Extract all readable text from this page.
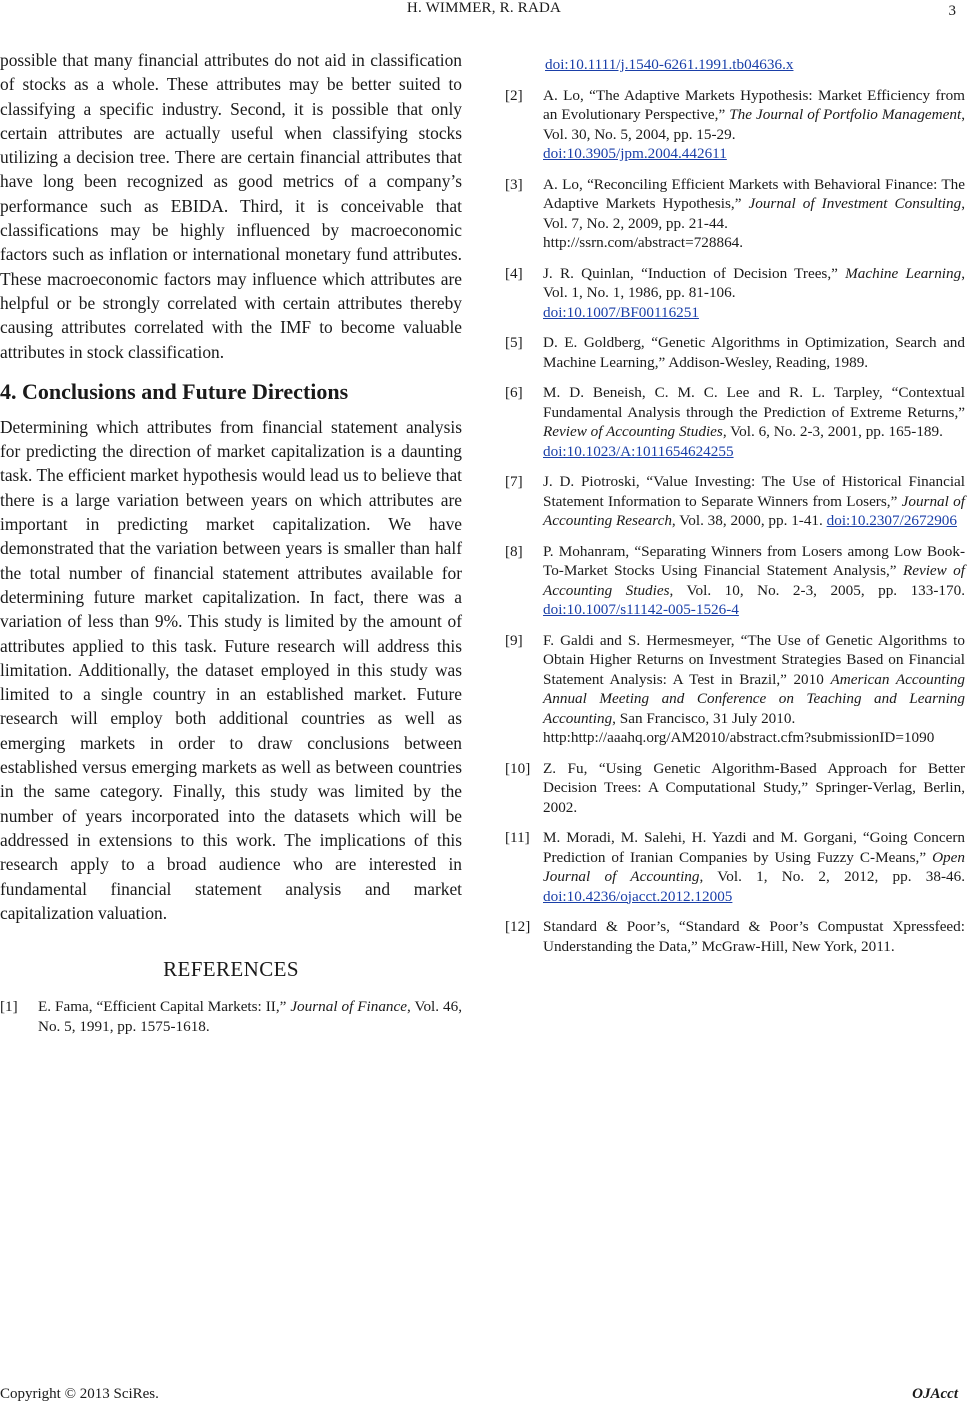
H. WIMMER, R. RADA	3

possible that many financial attributes do not aid in classification of stocks as a whole. These attributes may be better suited to classifying a specific industry. Second, it is possible that only certain attributes are actually useful when classifying stocks utilizing a decision tree. There are certain financial attributes that have long been recognized as good metrics of a company’s performance such as EBIDA. Third, it is conceivable that classifications may be highly influenced by macroeconomic factors such as inflation or international monetary fund attributes. These macroeconomic factors may influence which attributes are helpful or be strongly correlated with certain attributes thereby causing attributes correlated with the IMF to become valuable attributes in stock classification.

4. Conclusions and Future Directions

Determining which attributes from financial statement analysis for predicting the direction of market capitalization is a daunting task. The efficient market hypothesis would lead us to believe that there is a large variation between years on which attributes are important in predicting market capitalization. We have demonstrated that the variation between years is smaller than half the total number of financial statement attributes available for determining future market capitalization. In fact, there was a variation of less than 9%. This study is limited by the amount of attributes applied to this task. Future research will address this limitation. Additionally, the dataset employed in this study was limited to a single country in an established market. Future research will employ both additional countries as well as emerging markets in order to draw conclusions between established versus emerging markets as well as between countries in the same category. Finally, this study was limited by the number of years incorporated into the datasets which will be addressed in extensions to this work. The implications of this research apply to a broad audience who are interested in fundamental financial statement analysis and market capitalization valuation.

REFERENCES
[1]	E. Fama, “Efficient Capital Markets: II,” Journal of Finance, Vol. 46, No. 5, 1991, pp. 1575-1618.
doi:10.1111/j.1540-6261.1991.tb04636.x
[2]	A. Lo, “The Adaptive Markets Hypothesis: Market Efficiency from an Evolutionary Perspective,” The Journal of Portfolio Management, Vol. 30, No. 5, 2004, pp. 15-29.
doi:10.3905/jpm.2004.442611
[3]	A. Lo, “Reconciling Efficient Markets with Behavioral Finance: The Adaptive Markets Hypothesis,” Journal of Investment Consulting, Vol. 7, No. 2, 2009, pp. 21-44.
http://ssrn.com/abstract=728864.
[4]	J. R. Quinlan, “Induction of Decision Trees,” Machine Learning, Vol. 1, No. 1, 1986, pp. 81-106.
doi:10.1007/BF00116251
[5]	D. E. Goldberg, “Genetic Algorithms in Optimization, Search and Machine Learning,” Addison-Wesley, Reading, 1989.
[6]	M. D. Beneish, C. M. C. Lee and R. L. Tarpley, “Contextual Fundamental Analysis through the Prediction of Extreme Returns,” Review of Accounting Studies, Vol. 6, No. 2-3, 2001, pp. 165-189.
doi:10.1023/A:1011654624255
[7]	J. D. Piotroski, “Value Investing: The Use of Historical Financial Statement Information to Separate Winners from Losers,” Journal of Accounting Research, Vol. 38, 2000, pp. 1-41. doi:10.2307/2672906
[8]	P. Mohanram, “Separating Winners from Losers among Low Book-To-Market Stocks Using Financial Statement Analysis,” Review of Accounting Studies, Vol. 10, No. 2-3, 2005, pp. 133-170. doi:10.1007/s11142-005-1526-4
[9]	F. Galdi and S. Hermesmeyer, “The Use of Genetic Algorithms to Obtain Higher Returns on Investment Strategies Based on Financial Statement Analysis: A Test in Brazil,” 2010 American Accounting Annual Meeting and Conference on Teaching and Learning Accounting, San Francisco, 31 July 2010.
http:http://aaahq.org/AM2010/abstract.cfm?submissionID=1090
[10] Z. Fu, “Using Genetic Algorithm-Based Approach for Better Decision Trees: A Computational Study,” Springer-Verlag, Berlin, 2002.
[11] M. Moradi, M. Salehi, H. Yazdi and M. Gorgani, “Going Concern Prediction of Iranian Companies by Using Fuzzy C-Means,” Open Journal of Accounting, Vol. 1, No. 2, 2012, pp. 38-46. doi:10.4236/ojacct.2012.12005
[12] Standard & Poor’s, “Standard & Poor’s Compustat Xpressfeed: Understanding the Data,” McGraw-Hill, New York, 2011.
Copyright © 2013 SciRes.	OJAcct
